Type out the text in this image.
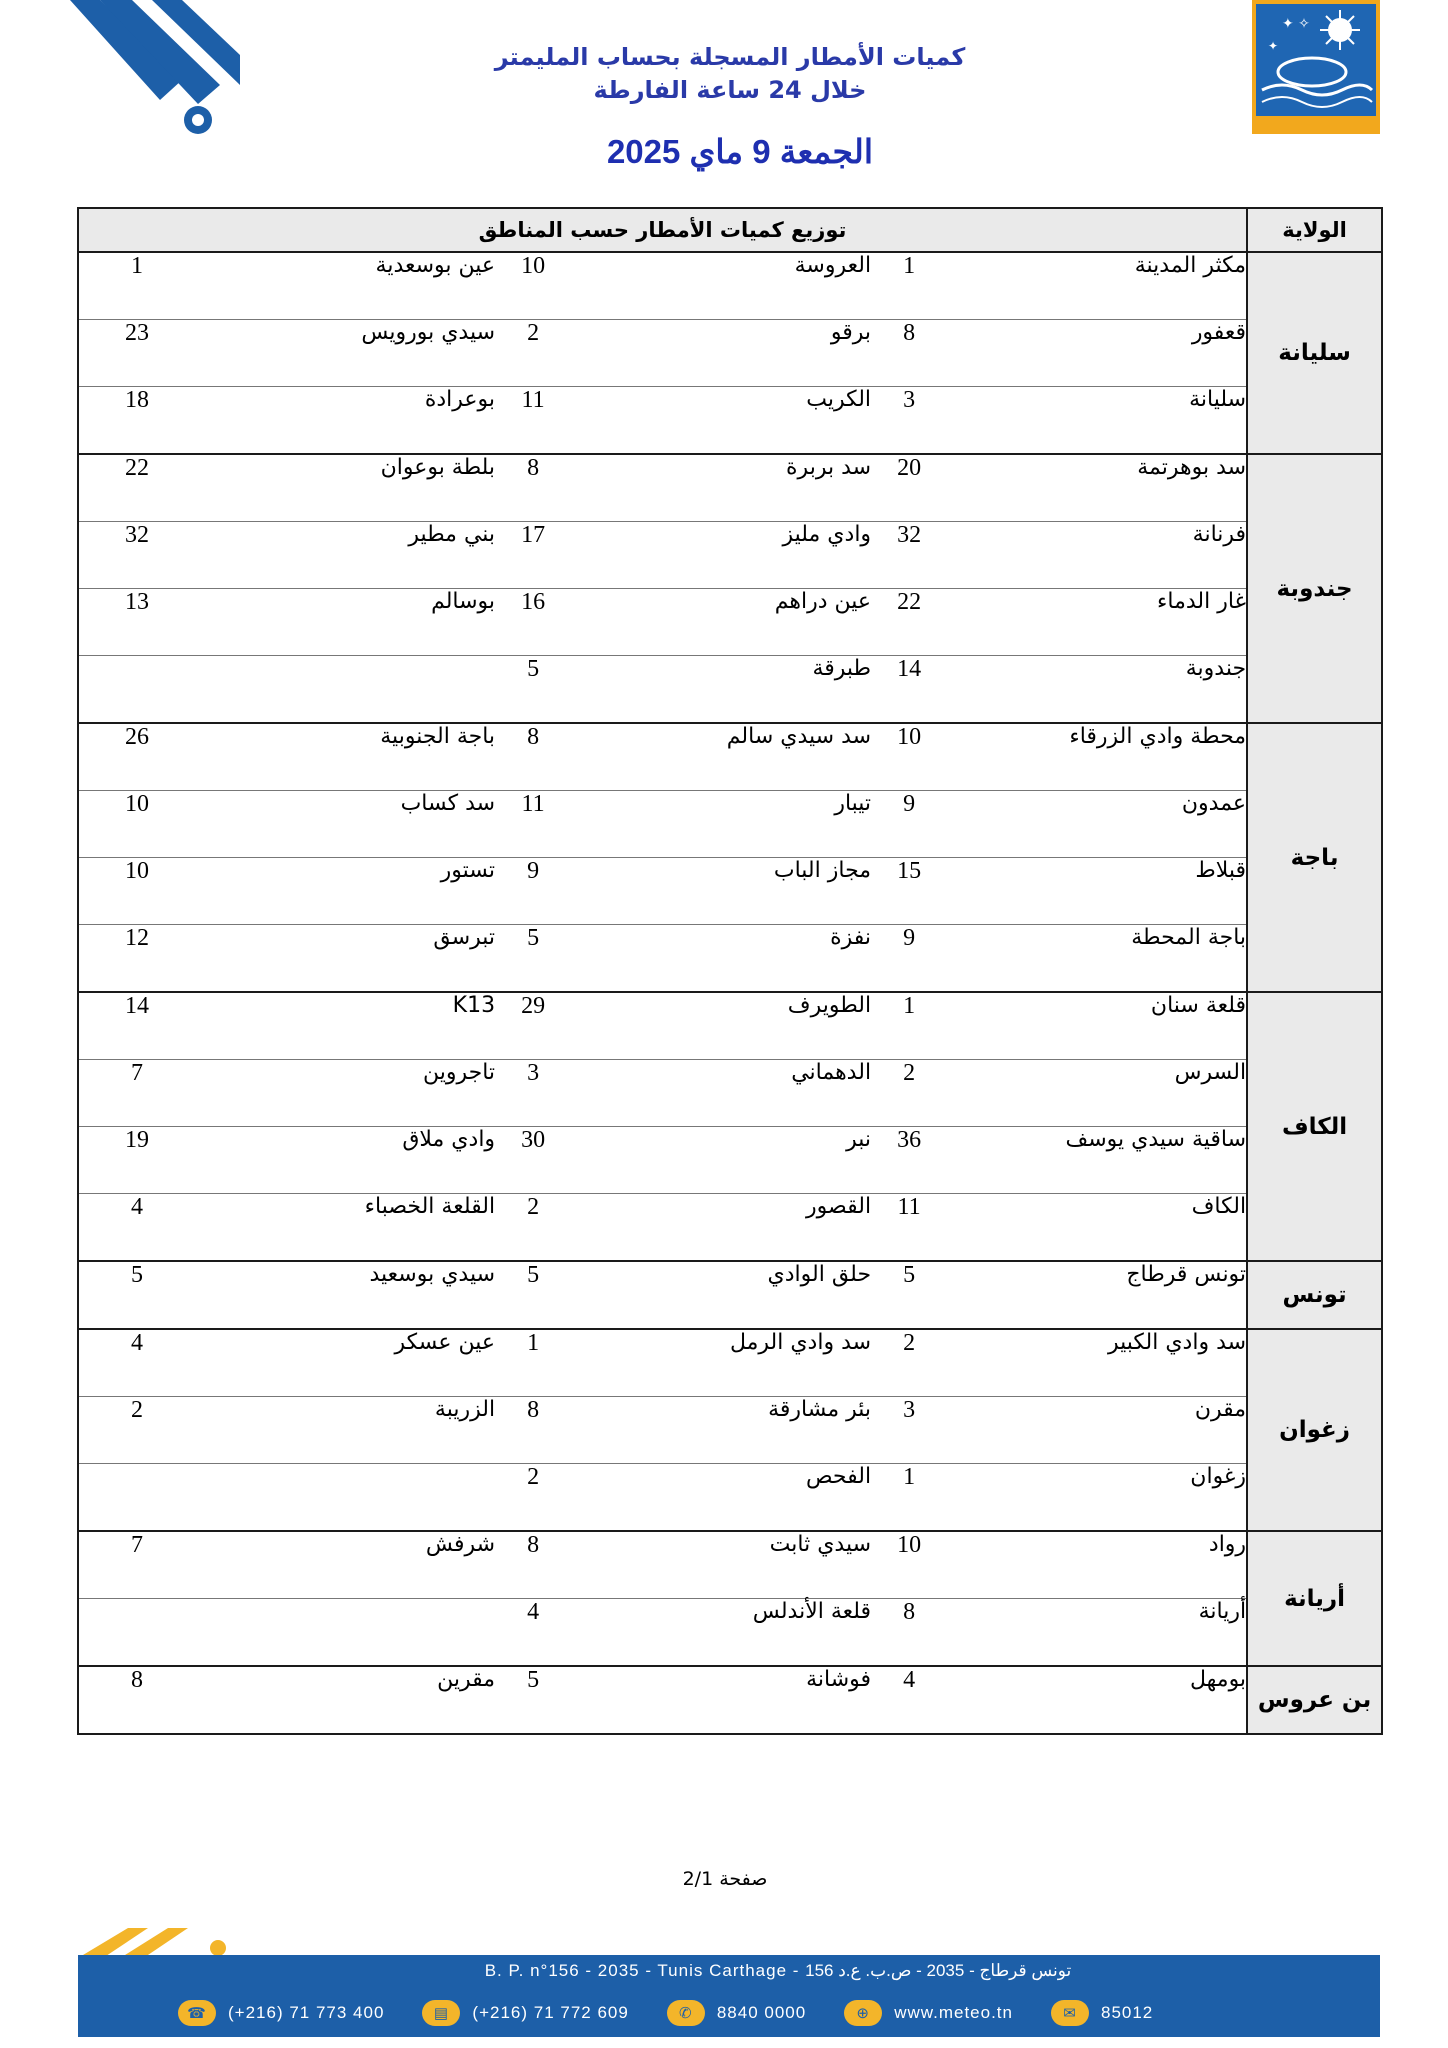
✦ ✧
✦
كميات الأمطار المسجلة بحساب المليمتر
خلال 24 ساعة الفارطة
الجمعة 9 ماي 2025
الولاية	توزيع كميات الأمطار حسب المناطق					
سليانة	مكثر المدينة	1	العروسة	10	عين بوسعدية	1
	قعفور	8	برقو	2	سيدي بورويس	23
	سليانة	3	الكريب	11	بوعرادة	18
جندوبة	سد بوهرتمة	20	سد بربرة	8	بلطة بوعوان	22
	فرنانة	32	وادي مليز	17	بني مطير	32
	غار الدماء	22	عين دراهم	16	بوسالم	13
	جندوبة	14	طبرقة	5		
باجة	محطة وادي الزرقاء	10	سد سيدي سالم	8	باجة الجنوبية	26
	عمدون	9	تيبار	11	سد كساب	10
	قبلاط	15	مجاز الباب	9	تستور	10
	باجة المحطة	9	نفزة	5	تبرسق	12
الكاف	قلعة سنان	1	الطويرف	29	K13	14
	السرس	2	الدهماني	3	تاجروين	7
	ساقية سيدي يوسف	36	نبر	30	وادي ملاق	19
	الكاف	11	القصور	2	القلعة الخصباء	4
تونس	تونس قرطاج	5	حلق الوادي	5	سيدي بوسعيد	5
زغوان	سد وادي الكبير	2	سد وادي الرمل	1	عين عسكر	4
	مقرن	3	بئر مشارقة	8	الزريبة	2
	زغوان	1	الفحص	2		
أريانة	رواد	10	سيدي ثابت	8	شرفش	7
	أريانة	8	قلعة الأندلس	4		
بن عروس	بومهل	4	فوشانة	5	مقرين	8
صفحة 2/1
B. P. n°156 - 2035 - Tunis Carthage - تونس قرطاج - 2035 - ص.ب. ع.د 156
☎	(+216) 71 773 400	▤	(+216) 71 772 609	✆	8840 0000	⊕	www.meteo.tn	✉	85012
